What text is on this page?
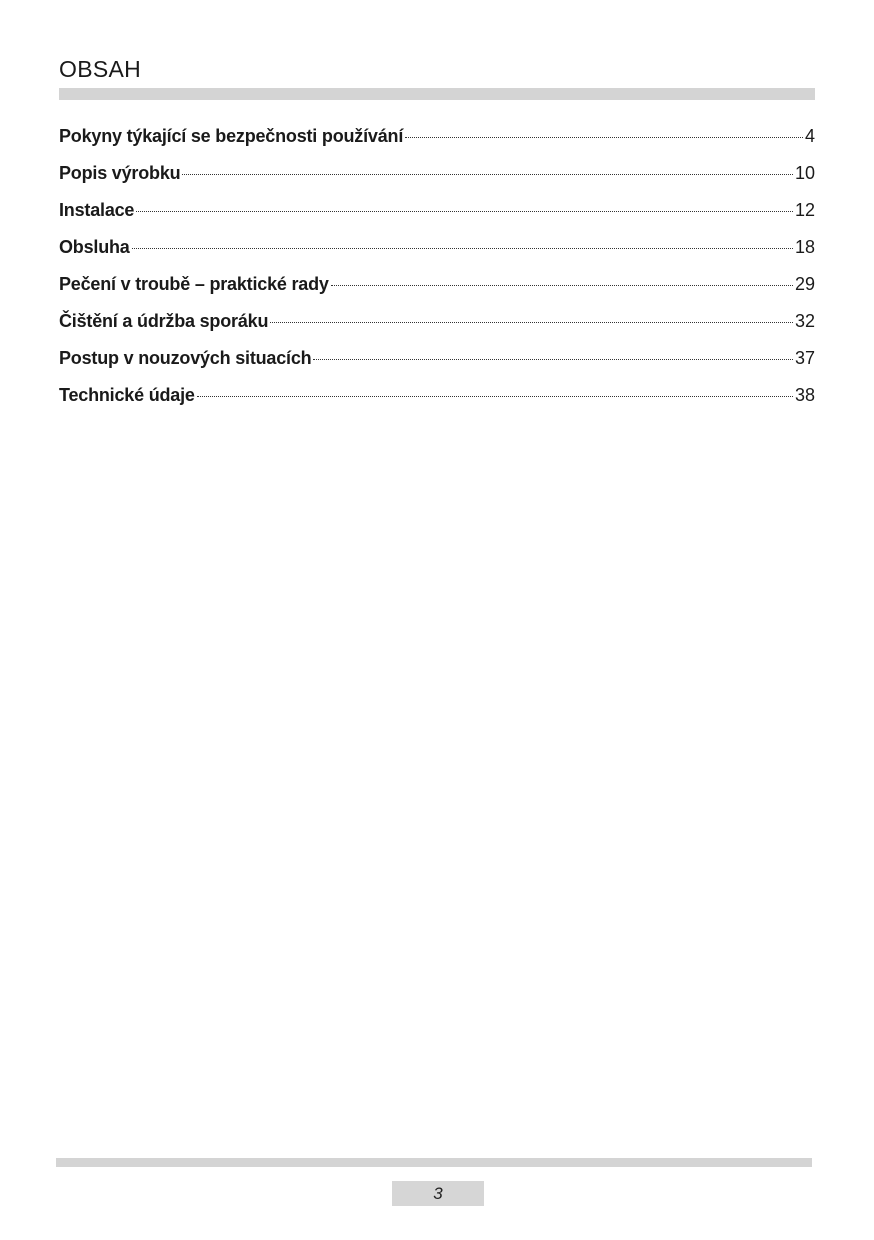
OBSAH
Pokyny týkající se bezpečnosti používání	4
Popis výrobku	10
Instalace	12
Obsluha	18
Pečení v troubě – praktické rady	29
Čištění a údržba sporáku	32
Postup v nouzových situacích	37
Technické údaje	38
3
